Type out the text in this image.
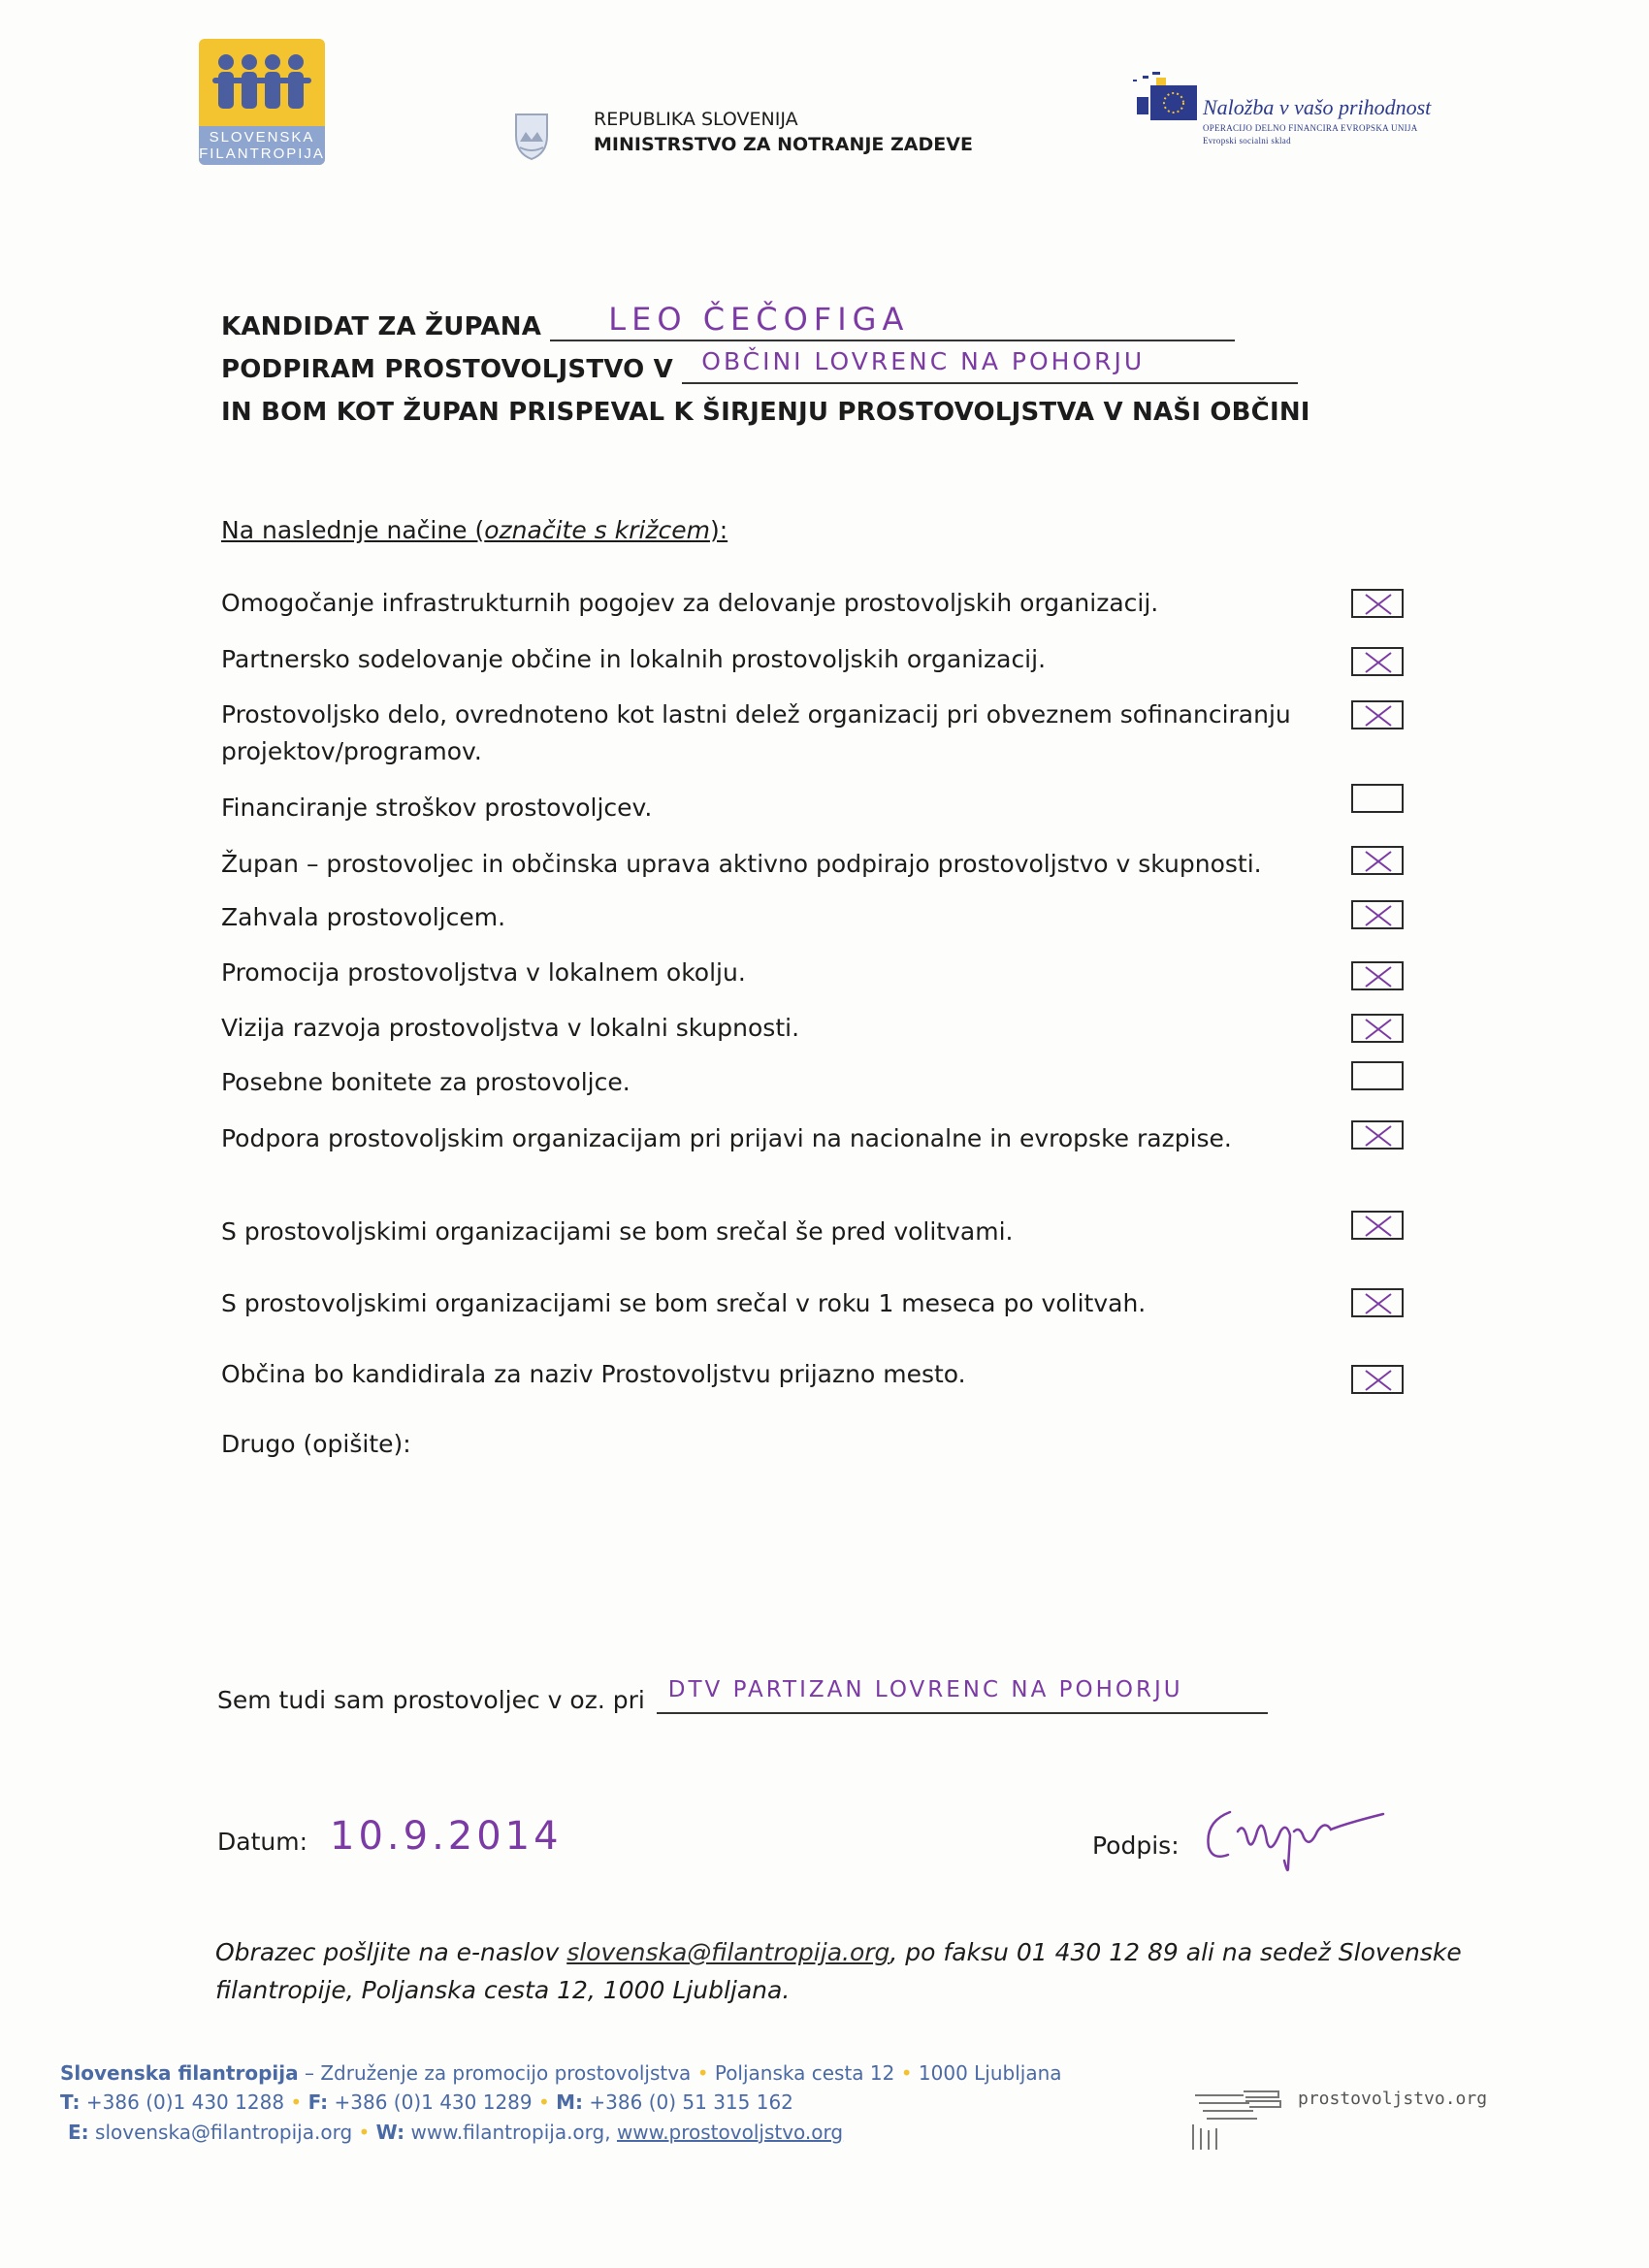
SLOVENSKA
FILANTROPIJA
REPUBLIKA SLOVENIJA
MINISTRSTVO ZA NOTRANJE ZADEVE
Naložba v vašo prihodnost
OPERACIJO DELNO FINANCIRA EVROPSKA UNIJA
Evropski socialni sklad
KANDIDAT ZA ŽUPANA LEO ČEČOFIGA
PODPIRAM PROSTOVOLJSTVO V OBČINI LOVRENC NA POHORJU
IN BOM KOT ŽUPAN PRISPEVAL K ŠIRJENJU PROSTOVOLJSTVA V NAŠI OBČINI
Na naslednje načine (označite s križcem):
Omogočanje infrastrukturnih pogojev za delovanje prostovoljskih organizacij.
Partnersko sodelovanje občine in lokalnih prostovoljskih organizacij.
Prostovoljsko delo, ovrednoteno kot lastni delež organizacij pri obveznem sofinanciranju projektov/programov.
Financiranje stroškov prostovoljcev.
Župan – prostovoljec in občinska uprava aktivno podpirajo prostovoljstvo v skupnosti.
Zahvala prostovoljcem.
Promocija prostovoljstva v lokalnem okolju.
Vizija razvoja prostovoljstva v lokalni skupnosti.
Posebne bonitete za prostovoljce.
Podpora prostovoljskim organizacijam pri prijavi na nacionalne in evropske razpise.
S prostovoljskimi organizacijami se bom srečal še pred volitvami.
S prostovoljskimi organizacijami se bom srečal v roku 1 meseca po volitvah.
Občina bo kandidirala za naziv Prostovoljstvu prijazno mesto.
Drugo (opišite):
Sem tudi sam prostovoljec v oz. pri DTV PARTIZAN LOVRENC NA POHORJU
Datum: 10.9.2014	Podpis:
Obrazec pošljite na e-naslov slovenska@filantropija.org, po faksu 01 430 12 89 ali na sedež Slovenske filantropije, Poljanska cesta 12, 1000 Ljubljana.
Slovenska filantropija – Združenje za promocijo prostovoljstva • Poljanska cesta 12 • 1000 Ljubljana
T: +386 (0)1 430 1288 • F: +386 (0)1 430 1289 • M: +386 (0) 51 315 162
E: slovenska@filantropija.org • W: www.filantropija.org, www.prostovoljstvo.org
prostovoljstvo.org
